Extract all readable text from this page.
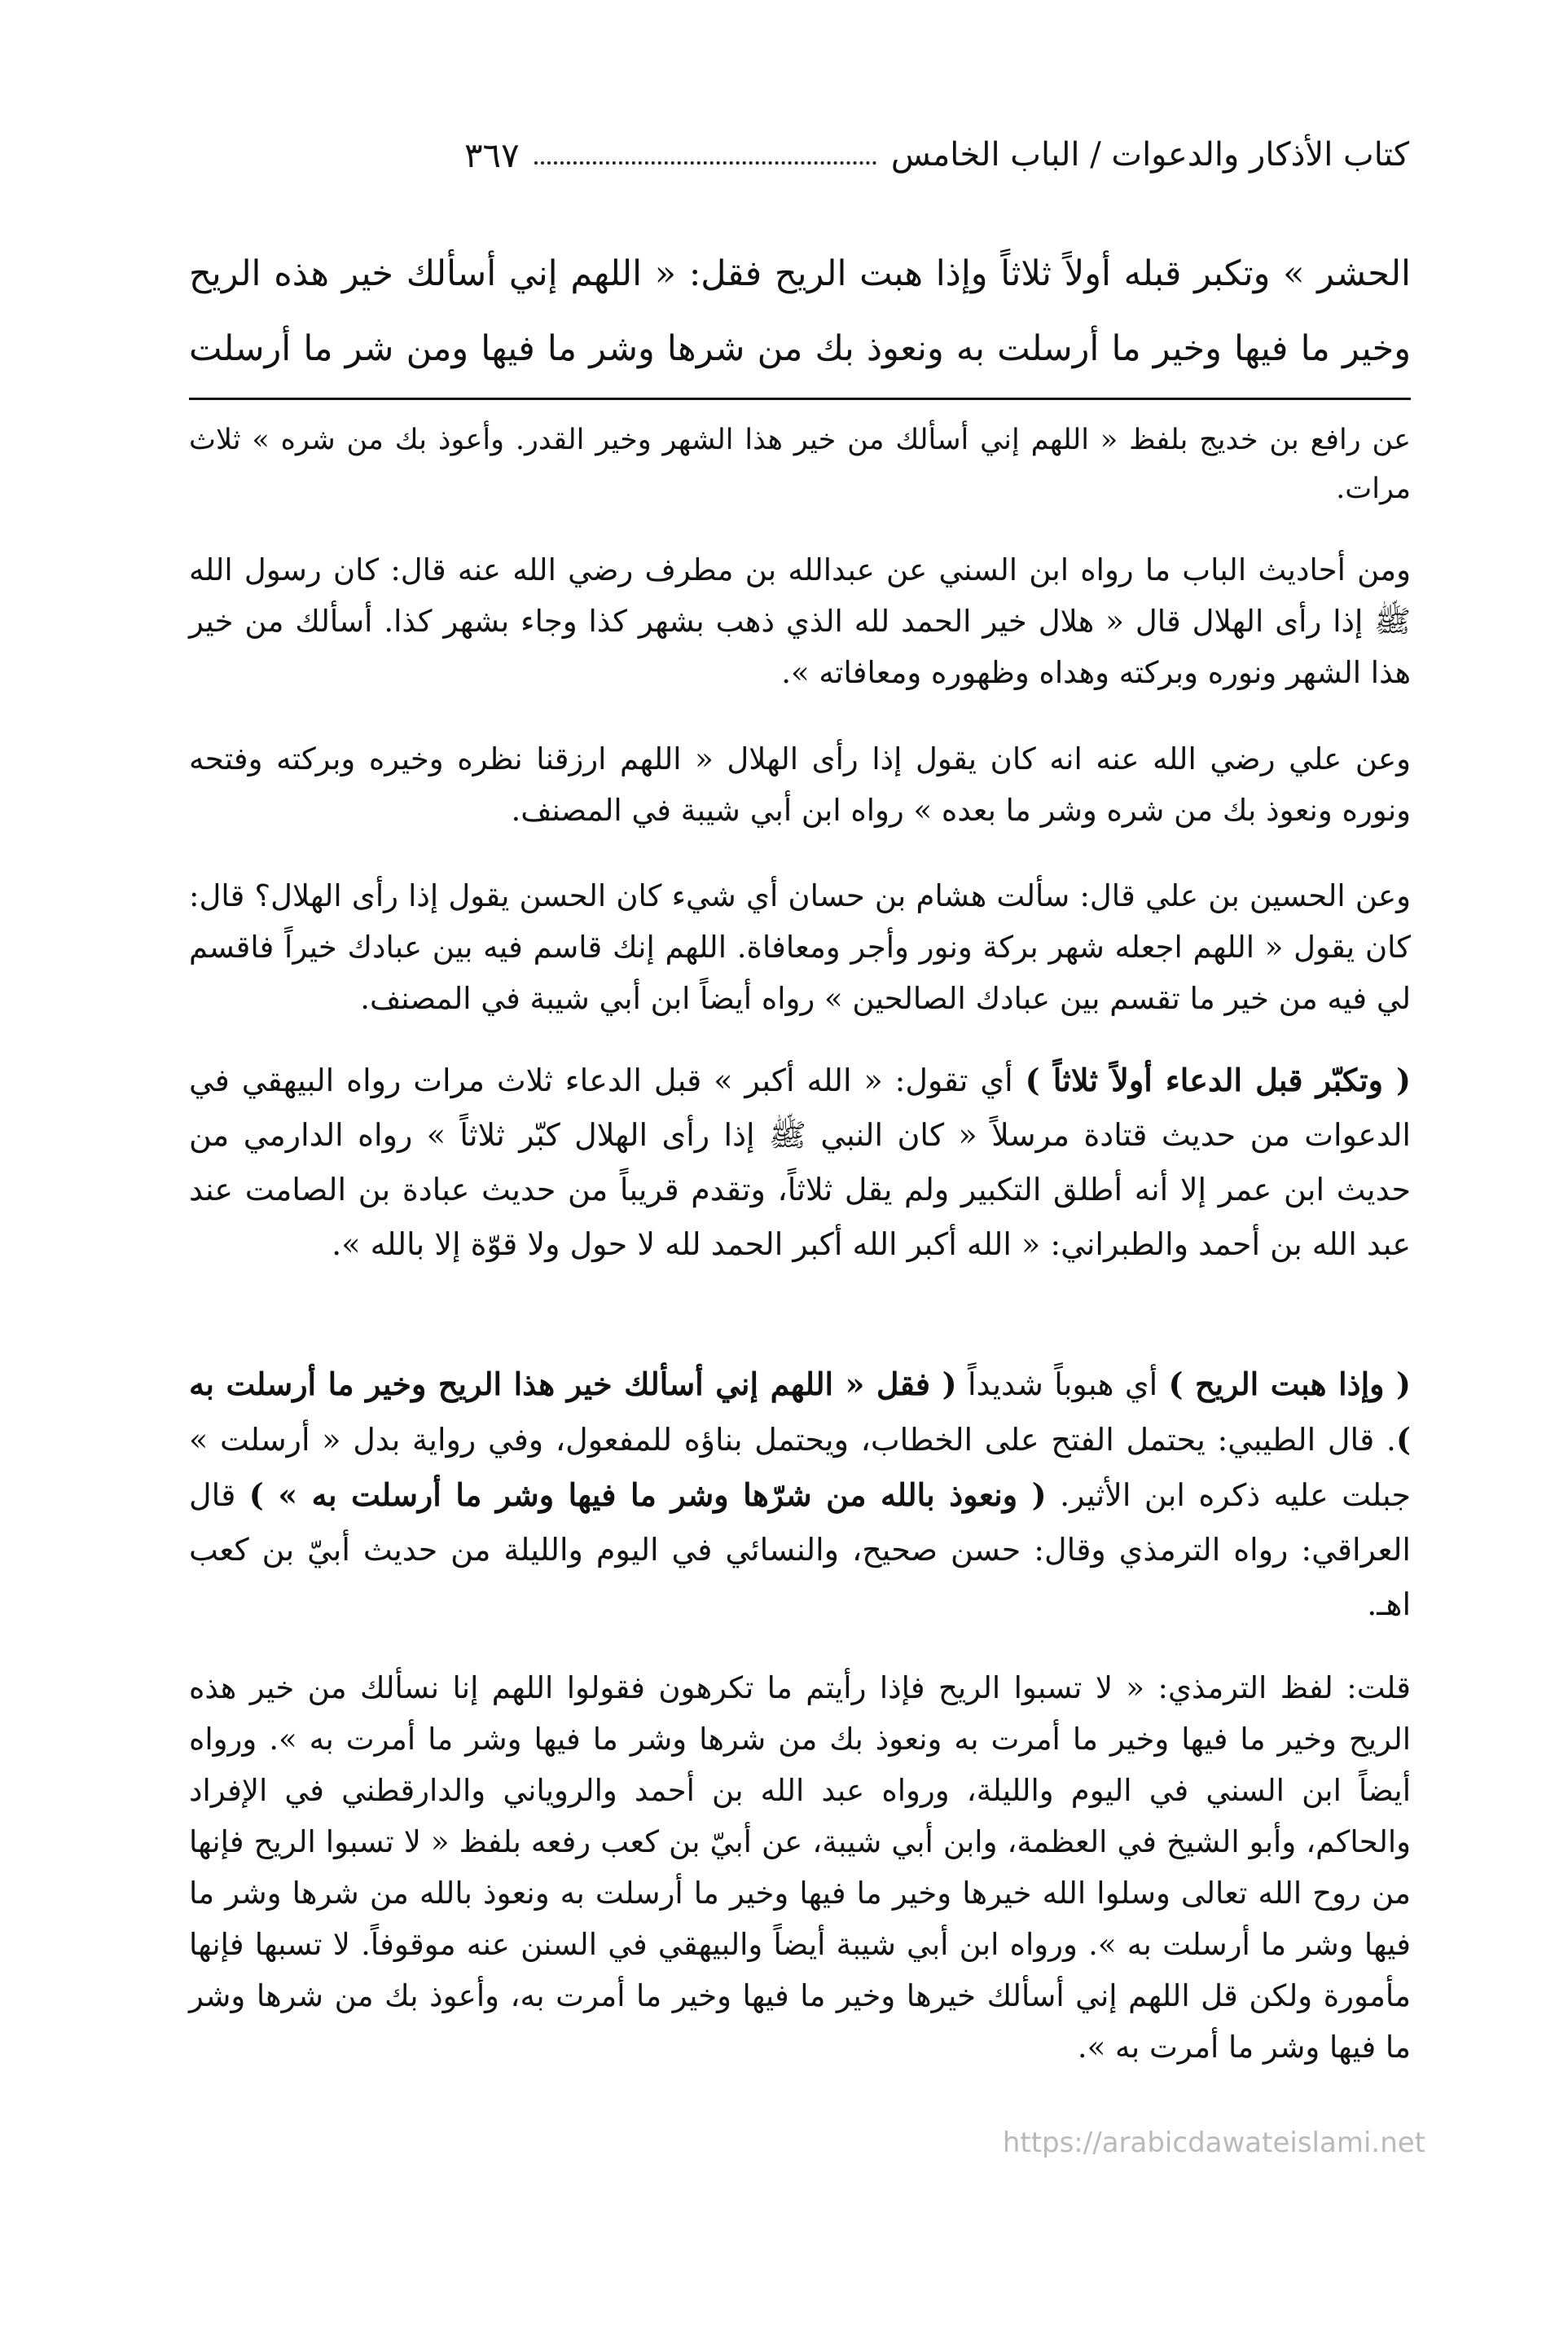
كتاب الأذكار والدعوات / الباب الخامس
٣٦٧
الحشر » وتكبر قبله أولاً ثلاثاً وإذا هبت الريح فقل: « اللهم إني أسألك خير هذه الريح
وخير ما فيها وخير ما أرسلت به ونعوذ بك من شرها وشر ما فيها ومن شر ما أرسلت

عن رافع بن خديج بلفظ « اللهم إني أسألك من خير هذا الشهر وخير القدر. وأعوذ بك من شره » ثلاث مرات.

ومن أحاديث الباب ما رواه ابن السني عن عبدالله بن مطرف رضي الله عنه قال: كان رسول الله ﷺ إذا رأى الهلال قال « هلال خير الحمد لله الذي ذهب بشهر كذا وجاء بشهر كذا. أسألك من خير هذا الشهر ونوره وبركته وهداه وظهوره ومعافاته ».

وعن علي رضي الله عنه انه كان يقول إذا رأى الهلال « اللهم ارزقنا نظره وخيره وبركته وفتحه ونوره ونعوذ بك من شره وشر ما بعده » رواه ابن أبي شيبة في المصنف.

وعن الحسين بن علي قال: سألت هشام بن حسان أي شيء كان الحسن يقول إذا رأى الهلال؟ قال: كان يقول « اللهم اجعله شهر بركة ونور وأجر ومعافاة. اللهم إنك قاسم فيه بين عبادك خيراً فاقسم لي فيه من خير ما تقسم بين عبادك الصالحين » رواه أيضاً ابن أبي شيبة في المصنف.

( وتكبّر قبل الدعاء أولاً ثلاثاً ) أي تقول: « الله أكبر » قبل الدعاء ثلاث مرات رواه البيهقي في الدعوات من حديث قتادة مرسلاً « كان النبي ﷺ إذا رأى الهلال كبّر ثلاثاً » رواه الدارمي من حديث ابن عمر إلا أنه أطلق التكبير ولم يقل ثلاثاً، وتقدم قريباً من حديث عبادة بن الصامت عند عبد الله بن أحمد والطبراني: « الله أكبر الله أكبر الحمد لله لا حول ولا قوّة إلا بالله ».

( وإذا هبت الريح ) أي هبوباً شديداً ( فقل « اللهم إني أسألك خير هذا الريح وخير ما أرسلت به ). قال الطيبي: يحتمل الفتح على الخطاب، ويحتمل بناؤه للمفعول، وفي رواية بدل « أرسلت » جبلت عليه ذكره ابن الأثير. ( ونعوذ بالله من شرّها وشر ما فيها وشر ما أرسلت به » ) قال العراقي: رواه الترمذي وقال: حسن صحيح، والنسائي في اليوم والليلة من حديث أبيّ بن كعب اهـ.

قلت: لفظ الترمذي: « لا تسبوا الريح فإذا رأيتم ما تكرهون فقولوا اللهم إنا نسألك من خير هذه الريح وخير ما فيها وخير ما أمرت به ونعوذ بك من شرها وشر ما فيها وشر ما أمرت به ». ورواه أيضاً ابن السني في اليوم والليلة، ورواه عبد الله بن أحمد والروياني والدارقطني في الإفراد والحاكم، وأبو الشيخ في العظمة، وابن أبي شيبة، عن أبيّ بن كعب رفعه بلفظ « لا تسبوا الريح فإنها من روح الله تعالى وسلوا الله خيرها وخير ما فيها وخير ما أرسلت به ونعوذ بالله من شرها وشر ما فيها وشر ما أرسلت به ». ورواه ابن أبي شيبة أيضاً والبيهقي في السنن عنه موقوفاً. لا تسبها فإنها مأمورة ولكن قل اللهم إني أسألك خيرها وخير ما فيها وخير ما أمرت به، وأعوذ بك من شرها وشر ما فيها وشر ما أمرت به ».

https://arabicdawateislami.net
